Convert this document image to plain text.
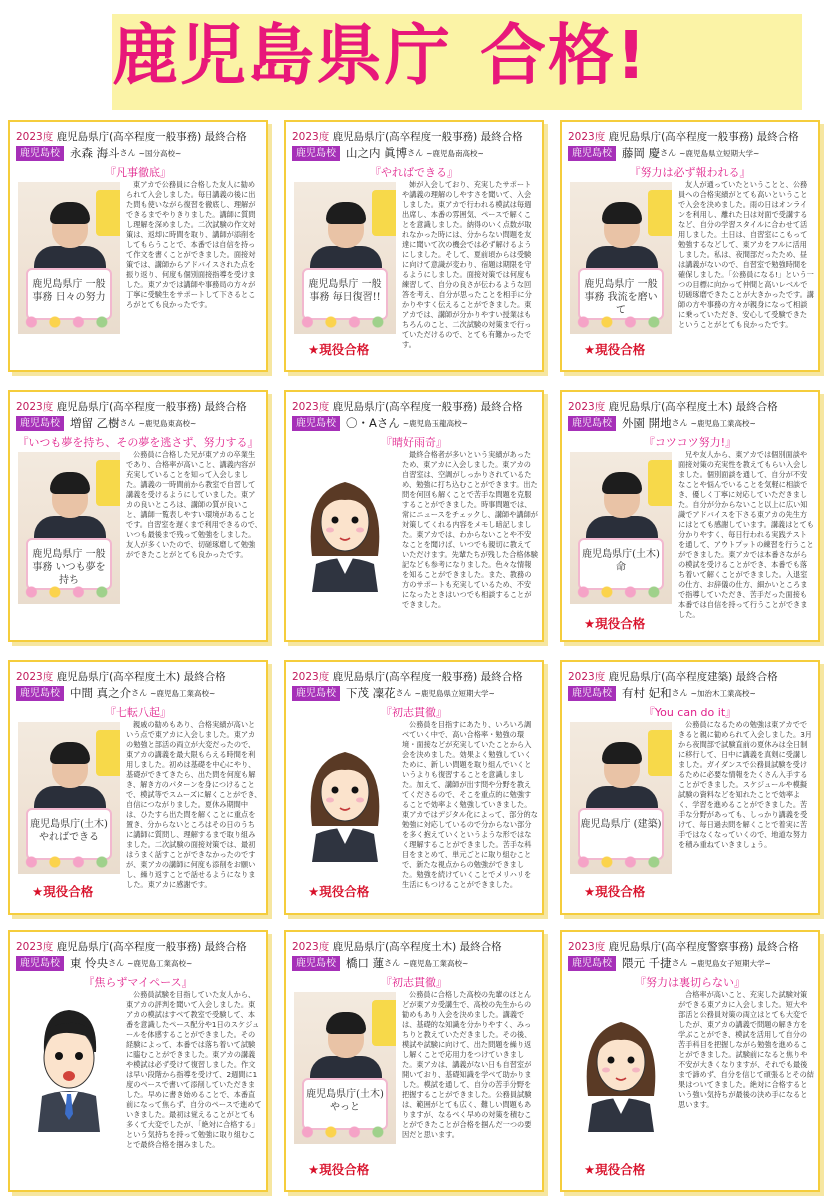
鹿児島県庁 合格!
2023度 鹿児島県庁(高卒程度一般事務) 最終合格
鹿児島校 永森 海斗さん ~国分高校~
『凡事徹底』
鹿児島県庁 一般事務 日々の努力
東アカで公務員に合格した友人に勧められて入会しました。毎日講義の後に出た問も使いながら復習を徹底し、理解ができるまでやりきりました。講師に質問し理解を深めました。二次試験の作文対策は、返却に時間を取り、講師が添削をしてもらうことで、本番では自信を持って作文を書くことができました。面接対策では、講師からアドバイスされた点を振り返り、何度も個別面接指導を受けました。東アカでは講師や事務局の方々が丁寧に受験生をサポートして下さるところがとても良かったです。
2023度 鹿児島県庁(高卒程度一般事務) 最終合格
鹿児島校 山之内 眞博さん ~鹿児島南高校~
『やればできる』
鹿児島県庁 一般事務 毎日復習!!
姉が入会しており、充実したサポートや講義の理解のしやすさを聞いて、入会しました。東アカで行われる模試は毎週出席し、本番の雰囲気、ペースで解くことを意識しました。納得のいく点数が取れなかった時には、分からない問題を友達に聞いて次の機会では必ず解けるようにしました。そして、夏前頃からは受験に向けて意識が変わり、宿題は期限を守るようにしました。面接対策では何度も練習して、自分の良さが伝わるような回答を考え、自分が思ったことを相手に分かりやすく伝えることができました。東アカでは、講師が分かりやすい授業はもちろんのこと、二次試験の対策まで行っていただけるので、とても有難かったです。
★現役合格
2023度 鹿児島県庁(高卒程度一般事務) 最終合格
鹿児島校 藤岡 慶さん ~鹿児島県立短期大学~
『努力は必ず報われる』
鹿児島県庁 一般事務 我流を磨いて
友人が通っていたということと、公務員への合格実績がとても高いということで入会を決めました。雨の日はオンラインを利用し、離れた日は対面で受講するなど、自分の学習スタイルに合わせて活用しました。土日は、自習室にこもって勉強するなどして、東アカをフルに活用しました。私は、夜間部だったため、昼は講義がないので、自習室で勉強時間を確保しました。「公務員になる!」という一つの目標に向かって仲間と高いレベルで切磋琢磨できたことが大きかったです。講師の方や事務の方々が親身になって相談に乗っていただき、安心して受験できたということがとても良かったです。
★現役合格
2023度 鹿児島県庁(高卒程度一般事務) 最終合格
鹿児島校 増留 乙樹さん ~鹿児島東高校~
『いつも夢を持ち、その夢を逃さず、努力する』
鹿児島県庁 一般事務 いつも夢を持ち
公務員に合格した兄が東アカの卒業生であり、合格率が高いこと、講義内容が充実していることを知って入会しました。講義の一時間前から教室で自習して講義を受けるようにしていました。東アカの良いところは、講師の質が良いこと、講師一覧表しやすい環境があることです。自習室を遅くまで利用できるので、いつも最後まで残って勉強をしました。友人が多くいたので、切磋琢磨して勉強ができたことがとても良かったです。
2023度 鹿児島県庁(高卒程度一般事務) 最終合格
鹿児島校 〇・Aさん ~鹿児島玉龍高校~
『晴好雨奇』
最終合格者が多いという実績があったため、東アカに入会しました。東アカの自習室は、空調がしっかりされているため、勉強に打ち込むことができます。出た問を何回も解くことで苦手な問題を克服することができました。時事問題では、常にニュースをチェックし、講師や講師が対策してくれる内容をメモし暗記しました。東アカでは、わからないことや不安なことを聞けば、いつでも親切に教えていただけます。先輩たちが残した合格体験記なども参考になりました。色々な情報を知ることができました。また、教務の方のサポートも充実しているため、不安になったときはいつでも相談することができました。
2023度 鹿児島県庁(高卒程度土木) 最終合格
鹿児島校 外園 開地さん ~鹿児島工業高校~
『コツコツ努力!』
鹿児島県庁(土木) 命
兄や友人から、東アカでは個別面談や面接対策の充実性を教えてもらい入会しました。個別面談を通して、自分が不安なことや悩んでいることを気軽に相談でき、優しく丁寧に対応していただきました。自分が分からないこと以上に広い知識でアドバイスを下さる東アカの先生方にはとても感謝しています。講義はとても分かりやすく、毎日行われる実践テストを通して、アウトプットの練習を行うことができました。東アカでは本番さながらの模試を受けることができ、本番でも落ち着いて解くことができました。入退室の仕方、お辞儀の仕方、細かいところまで指導していただき、苦手だった面接も本番では自信を持って行うことができました。
★現役合格
2023度 鹿児島県庁(高卒程度土木) 最終合格
鹿児島校 中間 真之介さん ~鹿児島工業高校~
『七転八起』
鹿児島県庁(土木) やればできる
親戚の勧めもあり、合格実績が高いという点で東アカに入会しました。東アカの勉強と部活の両立が大変だったので、東アカの講義を最大限もらえる時間を利用しました。初めは基礎を中心にやり、基礎ができてきたら、出た問を何度も解き、解き方のパターンを身につけることで、模試等でスムーズに解くことができ、自信につながりました。夏休み期間中は、ひたすら出た問を解くことに重点を置き、分からないところはその日のうちに講師に質問し、理解するまで取り組みました。二次試験の面接対策では、最初はうまく話すことができなかったのですが、東アカの講師に何度も添削をお願いし、繰り返すことで話せるようになりました。東アカに感謝です。
★現役合格
2023度 鹿児島県庁(高卒程度一般事務) 最終合格
鹿児島校 下茂 凜花さん ~鹿児島県立短期大学~
『初志貫徹』
公務員を目指すにあたり、いろいろ調べていく中で、高い合格率・勉強の環境・面接などが充実していたことから入会を決めました。効果よく勉強していくために、新しい問題を取り組んでいくというよりも復習することを意識しました。加えて、講師が出す問や分野を教えてくださるので、そこを重点的に勉強することで効率よく勉強していきました。東アカではデジタル化によって、部分的な勉強に対応しているので分からない部分を多く抱えていくというような形ではなく理解することができました。苦手な科目をまとめて、単元ごとに取り組むことで、新たな視点からの勉強ができました。勉強を続けていくことでメリハリを生活にもつけることができました。
★現役合格
2023度 鹿児島県庁(高卒程度建築) 最終合格
鹿児島校 有村 妃和さん ~加治木工業高校~
『You can do it』
鹿児島県庁 (建築)
公務員になるための勉強は東アカでできると親に勧められて入会しました。3月から夜間部で試験直前の夏休みは全日制に移行して、日中に講義を真剣に受講しました。ガイダンスで公務員試験を受けるために必要な情報をたくさん入手することができました。スケジュールや模擬試験の資料などを知れたことで効率よく、学習を進めることができました。苦手な分野があっても、しっかり講義を受けて、毎日過去問を解くことで着実に苦手ではなくなっていくので、地道な努力を積み重ねていきましょう。
★現役合格
2023度 鹿児島県庁(高卒程度一般事務) 最終合格
鹿児島校 東 怜央さん ~鹿児島工業高校~
『焦らずマイペース』
公務員試験を目指していた友人から、東アカの評判を聞いて入会しました。東アカの模試はすべて教室で受験して、本番を意識したペース配分や1日のスケジュールを体感することができました。その経験によって、本番では落ち着いて試験に臨むことができました。東アカの講義や模試は必ず受けて復習しました。作文は早い段階から指導を受けて、2週間に1度のペースで書いて添削していただきました。早めに書き始めることで、本番直前になって焦らず、自分のペースで進めていきました。最初は覚えることがとても多くて大変でしたが、「絶対に合格する」という気持ちを持って勉強に取り組むことで最終合格を掴みました。
2023度 鹿児島県庁(高卒程度土木) 最終合格
鹿児島校 橋口 蓮さん ~鹿児島工業高校~
『初志貫徹』
鹿児島県庁(土木) やっと
公務員に合格した高校の先輩のほとんどが東アカ受講生で、高校の先生からの勧めもあり入会を決めました。講義では、基礎的な知識を分かりやすく、みっちりと教えていただきました。その後、模試や試験に向けて、出た問題を繰り返し解くことで応用力をつけていきました。東アカは、講義がない日も自習室が開いており、基礎知識を学べて助かりました。模試を通して、自分の苦手分野を把握することができました。公務員試験は、範囲がとても広く、難しい問題もありますが、なるべく早めの対策を積むことができたことが合格を掴んだ一つの要因だと思います。
★現役合格
2023度 鹿児島県庁(高卒程度警察事務) 最終合格
鹿児島校 隈元 千捷さん ~鹿児島女子短期大学~
『努力は裏切らない』
合格率が高いこと、充実した試験対策ができる東アカに入会しました。短大や部活と公務員対策の両立はとても大変でしたが、東アカの講義で問題の解き方を学ぶことができ、模試を活用して自分の苦手科目を把握しながら勉強を進めることができました。試験前になると焦りや不安が大きくなりますが、それでも最後まで諦めず、自分を信じて頑張るとその結果はついてきました。絶対に合格するという強い気持ちが最後の決め手になると思います。
★現役合格
